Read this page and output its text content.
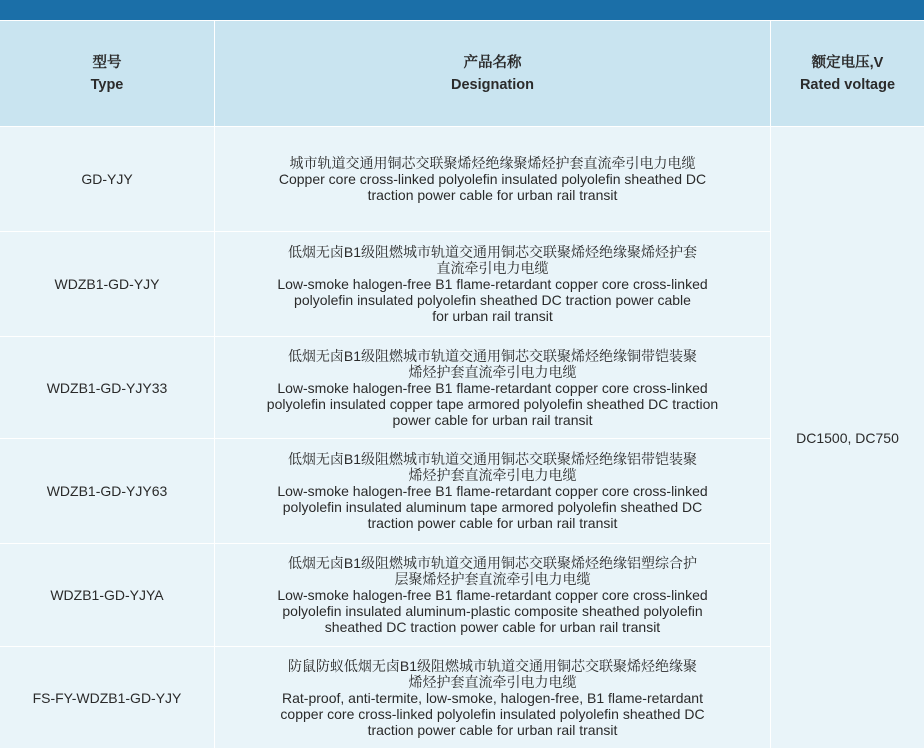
型号
Type
产品名称
Designation
额定电压,V
Rated voltage
GD-YJY
城市轨道交通用铜芯交联聚烯烃绝缘聚烯烃护套直流牵引电力电缆
Copper core cross-linked polyolefin insulated polyolefin sheathed DC
traction power cable for urban rail transit
WDZB1-GD-YJY
低烟无卤B1级阻燃城市轨道交通用铜芯交联聚烯烃绝缘聚烯烃护套
直流牵引电力电缆
Low-smoke halogen-free B1 flame-retardant copper core cross-linked
polyolefin insulated polyolefin sheathed DC traction power cable
for urban rail transit
WDZB1-GD-YJY33
低烟无卤B1级阻燃城市轨道交通用铜芯交联聚烯烃绝缘铜带铠装聚
烯烃护套直流牵引电力电缆
Low-smoke halogen-free B1 flame-retardant copper core cross-linked
polyolefin insulated copper tape armored polyolefin sheathed DC traction
power cable for urban rail transit
WDZB1-GD-YJY63
低烟无卤B1级阻燃城市轨道交通用铜芯交联聚烯烃绝缘铝带铠装聚
烯烃护套直流牵引电力电缆
Low-smoke halogen-free B1 flame-retardant copper core cross-linked
polyolefin insulated aluminum tape armored polyolefin sheathed DC
traction power cable for urban rail transit
WDZB1-GD-YJYA
低烟无卤B1级阻燃城市轨道交通用铜芯交联聚烯烃绝缘铝塑综合护
层聚烯烃护套直流牵引电力电缆
Low-smoke halogen-free B1 flame-retardant copper core cross-linked
polyolefin insulated aluminum-plastic composite sheathed polyolefin
sheathed DC traction power cable for urban rail transit
FS-FY-WDZB1-GD-YJY
防鼠防蚁低烟无卤B1级阻燃城市轨道交通用铜芯交联聚烯烃绝缘聚
烯烃护套直流牵引电力电缆
Rat-proof, anti-termite, low-smoke, halogen-free, B1 flame-retardant
copper core cross-linked polyolefin insulated polyolefin sheathed DC
traction power cable for urban rail transit
DC1500, DC750
